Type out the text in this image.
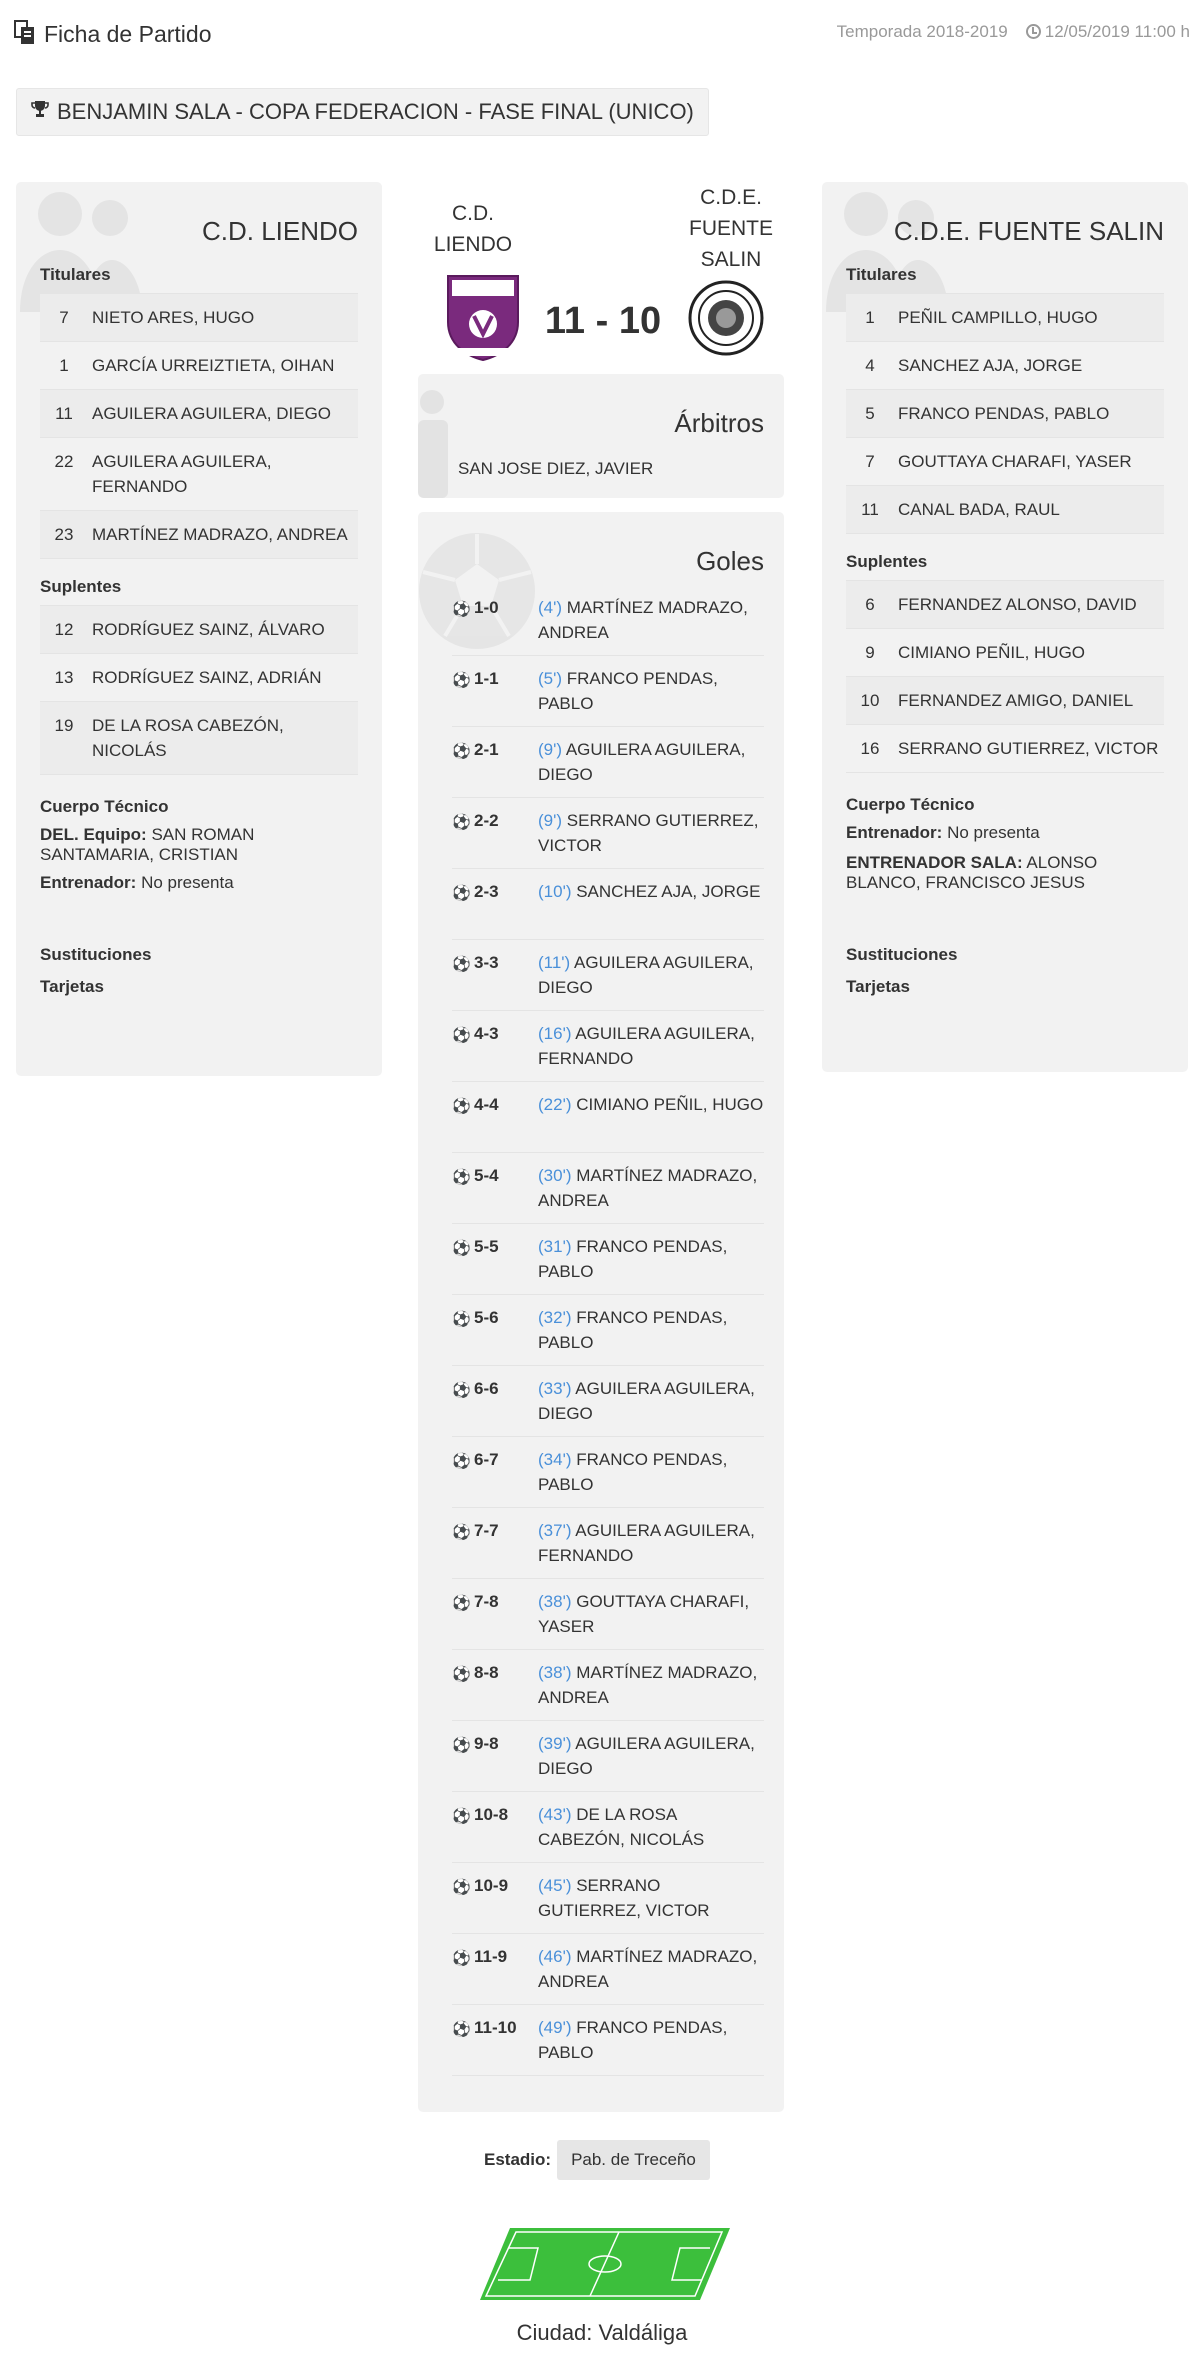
Ficha de Partido	Temporada 2018-2019	12/05/2019 11:00 h
BENJAMIN SALA - COPA FEDERACION - FASE FINAL (UNICO)
C.D. LIENDO
Titulares
7	NIETO ARES, HUGO
1	GARCÍA URREIZTIETA, OIHAN
11	AGUILERA AGUILERA, DIEGO
22	AGUILERA AGUILERA, FERNANDO
23	MARTÍNEZ MADRAZO, ANDREA
Suplentes
12	RODRÍGUEZ SAINZ, ÁLVARO
13	RODRÍGUEZ SAINZ, ADRIÁN
19	DE LA ROSA CABEZÓN, NICOLÁS
Cuerpo Técnico
DEL. Equipo: SAN ROMAN SANTAMARIA, CRISTIAN
Entrenador: No presenta
Sustituciones
Tarjetas
C.D. LIENDO
C.D.E. FUENTE SALIN
11 - 10
Árbitros
SAN JOSE DIEZ, JAVIER
Goles
⚽ 1-0	(4') MARTÍNEZ MADRAZO, ANDREA
⚽ 1-1	(5') FRANCO PENDAS, PABLO
⚽ 2-1	(9') AGUILERA AGUILERA, DIEGO
⚽ 2-2	(9') SERRANO GUTIERREZ, VICTOR
⚽ 2-3	(10') SANCHEZ AJA, JORGE
⚽ 3-3	(11') AGUILERA AGUILERA, DIEGO
⚽ 4-3	(16') AGUILERA AGUILERA, FERNANDO
⚽ 4-4	(22') CIMIANO PEÑIL, HUGO
⚽ 5-4	(30') MARTÍNEZ MADRAZO, ANDREA
⚽ 5-5	(31') FRANCO PENDAS, PABLO
⚽ 5-6	(32') FRANCO PENDAS, PABLO
⚽ 6-6	(33') AGUILERA AGUILERA, DIEGO
⚽ 6-7	(34') FRANCO PENDAS, PABLO
⚽ 7-7	(37') AGUILERA AGUILERA, FERNANDO
⚽ 7-8	(38') GOUTTAYA CHARAFI, YASER
⚽ 8-8	(38') MARTÍNEZ MADRAZO, ANDREA
⚽ 9-8	(39') AGUILERA AGUILERA, DIEGO
⚽ 10-8	(43') DE LA ROSA CABEZÓN, NICOLÁS
⚽ 10-9	(45') SERRANO GUTIERREZ, VICTOR
⚽ 11-9	(46') MARTÍNEZ MADRAZO, ANDREA
⚽ 11-10	(49') FRANCO PENDAS, PABLO
Estadio:	Pab. de Treceño
Ciudad: Valdáliga
C.D.E. FUENTE SALIN
Titulares
1	PEÑIL CAMPILLO, HUGO
4	SANCHEZ AJA, JORGE
5	FRANCO PENDAS, PABLO
7	GOUTTAYA CHARAFI, YASER
11	CANAL BADA, RAUL
Suplentes
6	FERNANDEZ ALONSO, DAVID
9	CIMIANO PEÑIL, HUGO
10	FERNANDEZ AMIGO, DANIEL
16	SERRANO GUTIERREZ, VICTOR
Cuerpo Técnico
Entrenador: No presenta
ENTRENADOR SALA: ALONSO BLANCO, FRANCISCO JESUS
Sustituciones
Tarjetas
